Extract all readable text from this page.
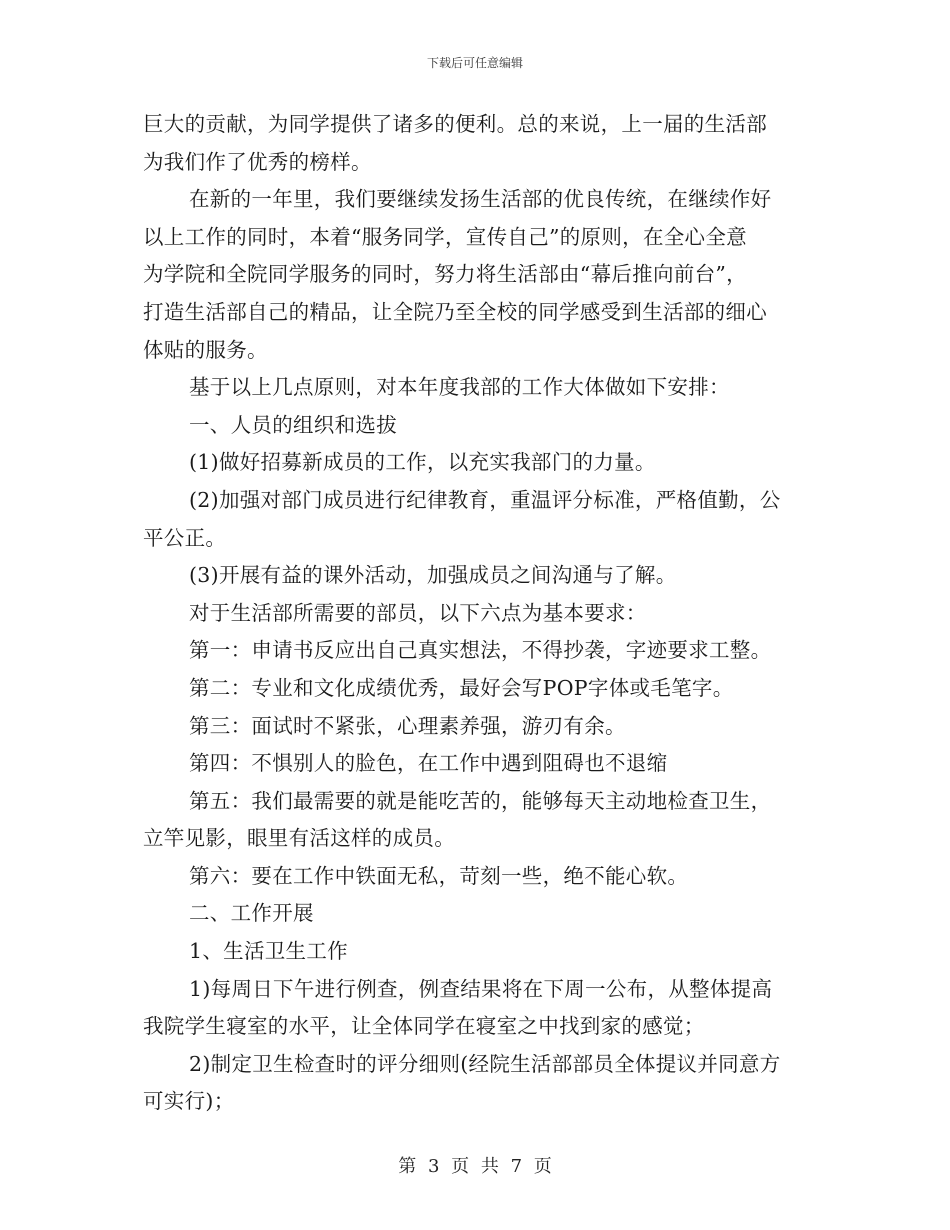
下载后可任意编辑
巨大的贡献，为同学提供了诸多的便利。总的来说，上一届的生活部
为我们作了优秀的榜样。
在新的一年里，我们要继续发扬生活部的优良传统，在继续作好
以上工作的同时，本着“服务同学，宣传自己”的原则，在全心全意
为学院和全院同学服务的同时，努力将生活部由“幕后推向前台”，
打造生活部自己的精品，让全院乃至全校的同学感受到生活部的细心
体贴的服务。
基于以上几点原则，对本年度我部的工作大体做如下安排：
一、人员的组织和选拔
(1)做好招募新成员的工作，以充实我部门的力量。
(2)加强对部门成员进行纪律教育，重温评分标准，严格值勤，公
平公正。
(3)开展有益的课外活动，加强成员之间沟通与了解。
对于生活部所需要的部员，以下六点为基本要求：
第一：申请书反应出自己真实想法，不得抄袭，字迹要求工整。
第二：专业和文化成绩优秀，最好会写POP字体或毛笔字。
第三：面试时不紧张，心理素养强，游刃有余。
第四：不惧别人的脸色，在工作中遇到阻碍也不退缩
第五：我们最需要的就是能吃苦的，能够每天主动地检查卫生，
立竿见影，眼里有活这样的成员。
第六：要在工作中铁面无私，苛刻一些，绝不能心软。
二、工作开展
1、生活卫生工作
1)每周日下午进行例查，例查结果将在下周一公布，从整体提高
我院学生寝室的水平，让全体同学在寝室之中找到家的感觉；
2)制定卫生检查时的评分细则(经院生活部部员全体提议并同意方
可实行)；
第 3 页 共 7 页
